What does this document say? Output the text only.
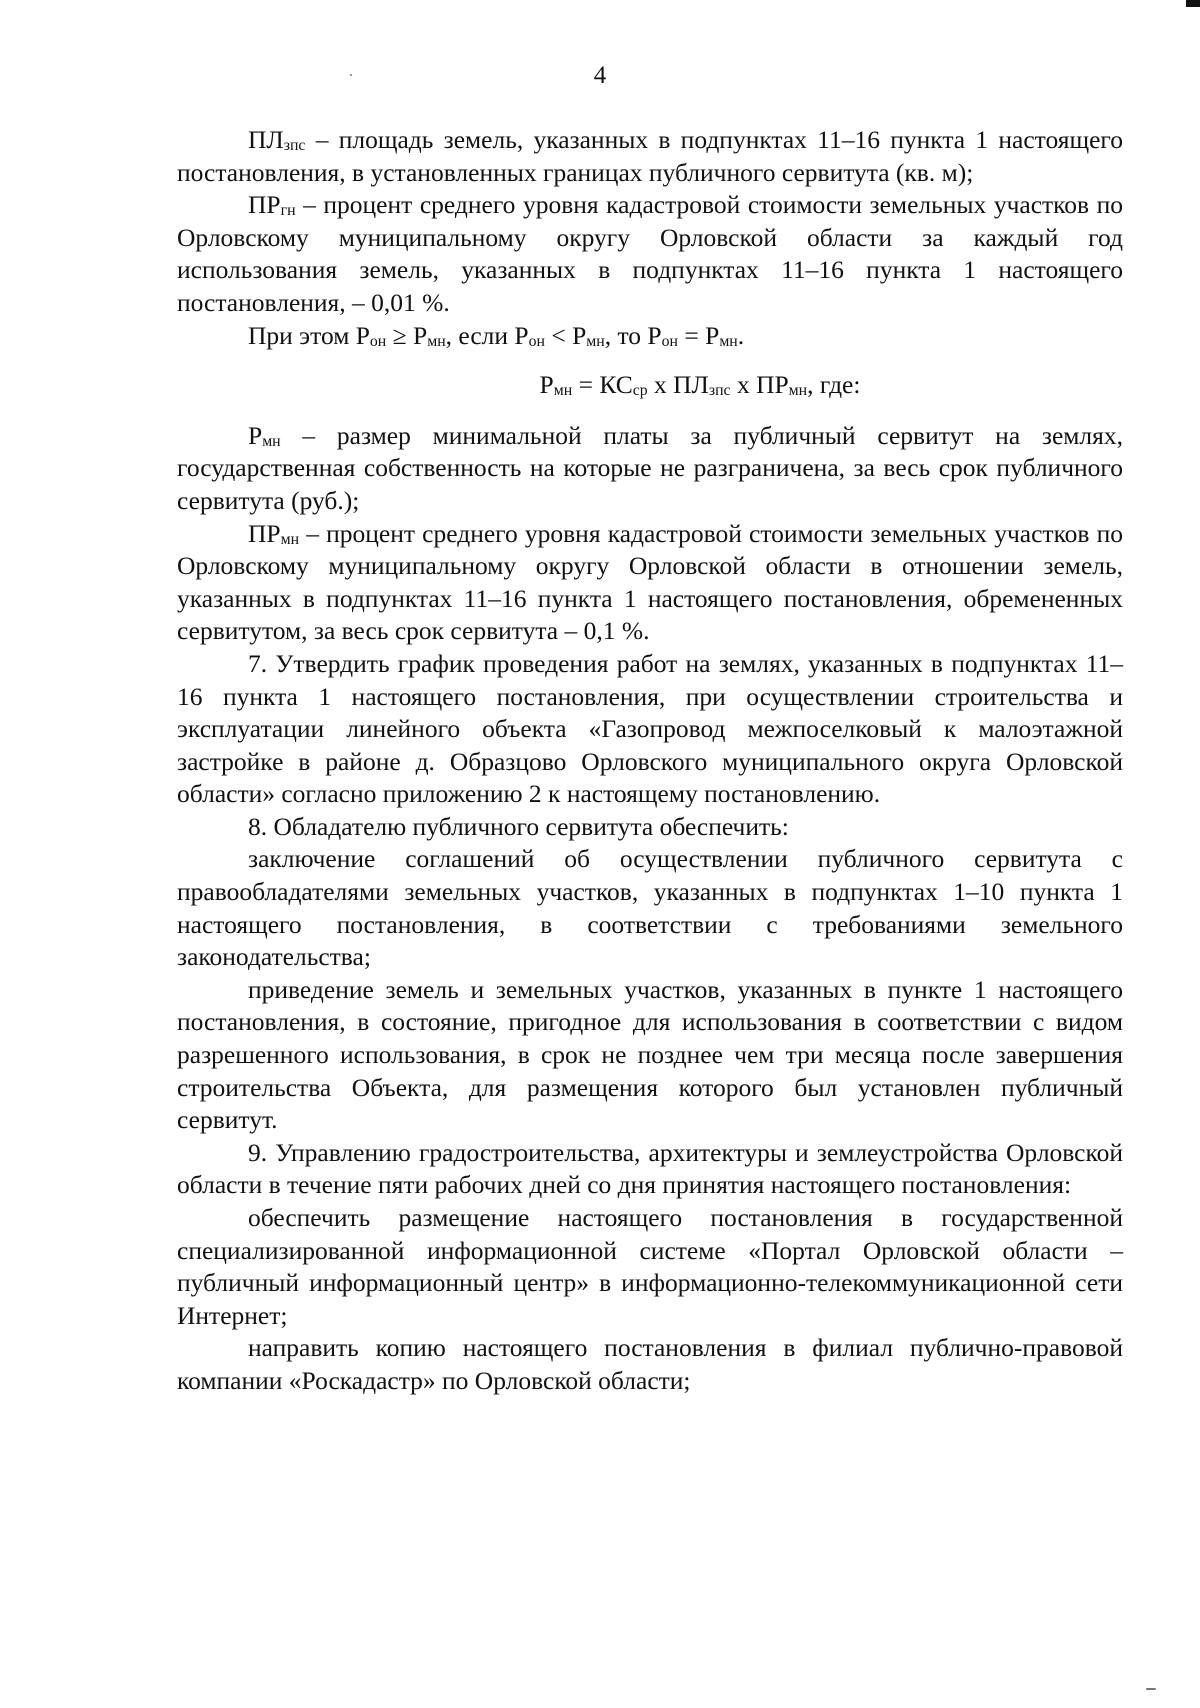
4

$ПЛ_{зпс}$ – площадь земель, указанных в подпунктах 11–16 пункта 1 настоящего постановления, в установленных границах публичного сервитута (кв. м);

$ПР_{гн}$ – процент среднего уровня кадастровой стоимости земельных участков по Орловскому муниципальному округу Орловской области за каждый год использования земель, указанных в подпунктах 11–16 пункта 1 настоящего постановления, – 0,01 %.

При этом $Р_{он} \ge Р_{мн}$, если $Р_{он} < Р_{мн}$, то $Р_{он} = Р_{мн}$.

$Р_{мн} = КС_{ср}$ х $ПЛ_{зпс}$ х $ПР_{мн}$, где:

$Р_{мн}$ – размер минимальной платы за публичный сервитут на землях, государственная собственность на которые не разграничена, за весь срок публичного сервитута (руб.);

$ПР_{мн}$ – процент среднего уровня кадастровой стоимости земельных участков по Орловскому муниципальному округу Орловской области в отношении земель, указанных в подпунктах 11–16 пункта 1 настоящего постановления, обремененных сервитутом, за весь срок сервитута – 0,1 %.

7. Утвердить график проведения работ на землях, указанных в подпунктах 11–16 пункта 1 настоящего постановления, при осуществлении строительства и эксплуатации линейного объекта «Газопровод межпоселковый к малоэтажной застройке в районе д. Образцово Орловского муниципального округа Орловской области» согласно приложению 2 к настоящему постановлению.

8. Обладателю публичного сервитута обеспечить:

заключение соглашений об осуществлении публичного сервитута с правообладателями земельных участков, указанных в подпунктах 1–10 пункта 1 настоящего постановления, в соответствии с требованиями земельного законодательства;

приведение земель и земельных участков, указанных в пункте 1 настоящего постановления, в состояние, пригодное для использования в соответствии с видом разрешенного использования, в срок не позднее чем три месяца после завершения строительства Объекта, для размещения которого был установлен публичный сервитут.

9. Управлению градостроительства, архитектуры и землеустройства Орловской области в течение пяти рабочих дней со дня принятия настоящего постановления:

обеспечить размещение настоящего постановления в государственной специализированной информационной системе «Портал Орловской области – публичный информационный центр» в информационно-телекоммуникационной сети Интернет;

направить копию настоящего постановления в филиал публично-правовой компании «Роскадастр» по Орловской области;
